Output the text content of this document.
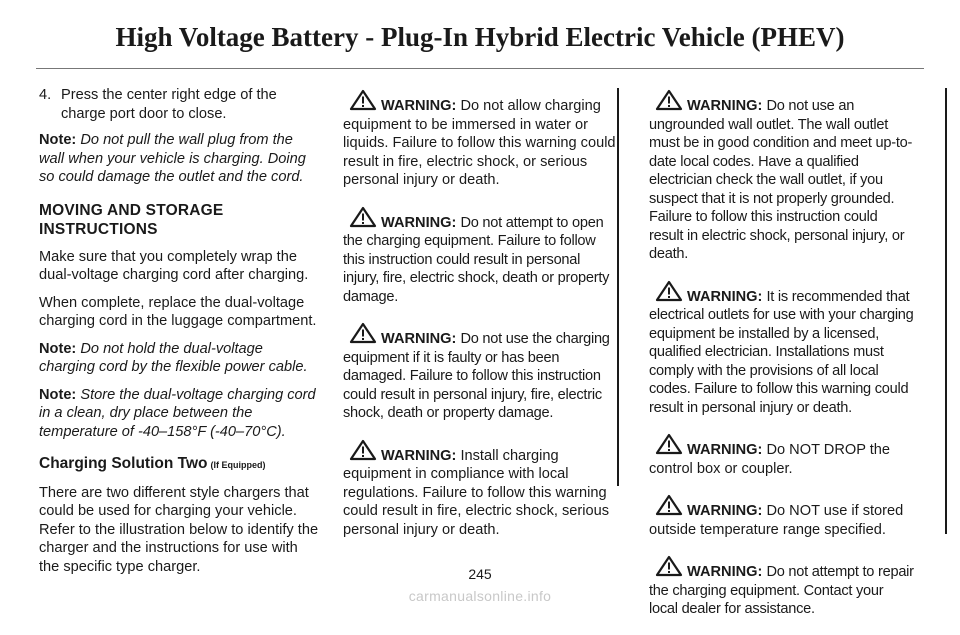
High Voltage Battery - Plug-In Hybrid Electric Vehicle (PHEV)
4. Press the center right edge of the charge port door to close.

Note: Do not pull the wall plug from the wall when your vehicle is charging. Doing so could damage the outlet and the cord.

MOVING AND STORAGE INSTRUCTIONS

Make sure that you completely wrap the dual-voltage charging cord after charging.

When complete, replace the dual-voltage charging cord in the luggage compartment.

Note: Do not hold the dual-voltage charging cord by the flexible power cable.

Note: Store the dual-voltage charging cord in a clean, dry place between the temperature of -40–158°F (-40–70°C).

Charging Solution Two (If Equipped)

There are two different style chargers that could be used for charging your vehicle. Refer to the illustration below to identify the charger and the instructions for use with the specific type charger.

WARNING: Do not allow charging equipment to be immersed in water or liquids. Failure to follow this warning could result in fire, electric shock, or serious personal injury or death.
WARNING: Do not attempt to open the charging equipment. Failure to follow this instruction could result in personal injury, fire, electric shock, death or property damage.
WARNING: Do not use the charging equipment if it is faulty or has been damaged. Failure to follow this instruction could result in personal injury, fire, electric shock, death or property damage.
WARNING: Install charging equipment in compliance with local regulations. Failure to follow this warning could result in fire, electric shock, serious personal injury or death.
WARNING: Do not use an ungrounded wall outlet. The wall outlet must be in good condition and meet up-to-date local codes. Have a qualified electrician check the wall outlet, if you suspect that it is not properly grounded. Failure to follow this instruction could result in electric shock, personal injury, or death.
WARNING: It is recommended that electrical outlets for use with your charging equipment be installed by a licensed, qualified electrician. Installations must comply with the provisions of all local codes. Failure to follow this warning could result in personal injury or death.
WARNING: Do NOT DROP the control box or coupler.
WARNING: Do NOT use if stored outside temperature range specified.
WARNING: Do not attempt to repair the charging equipment. Contact your local dealer for assistance.
245
carmanualsonline.info
